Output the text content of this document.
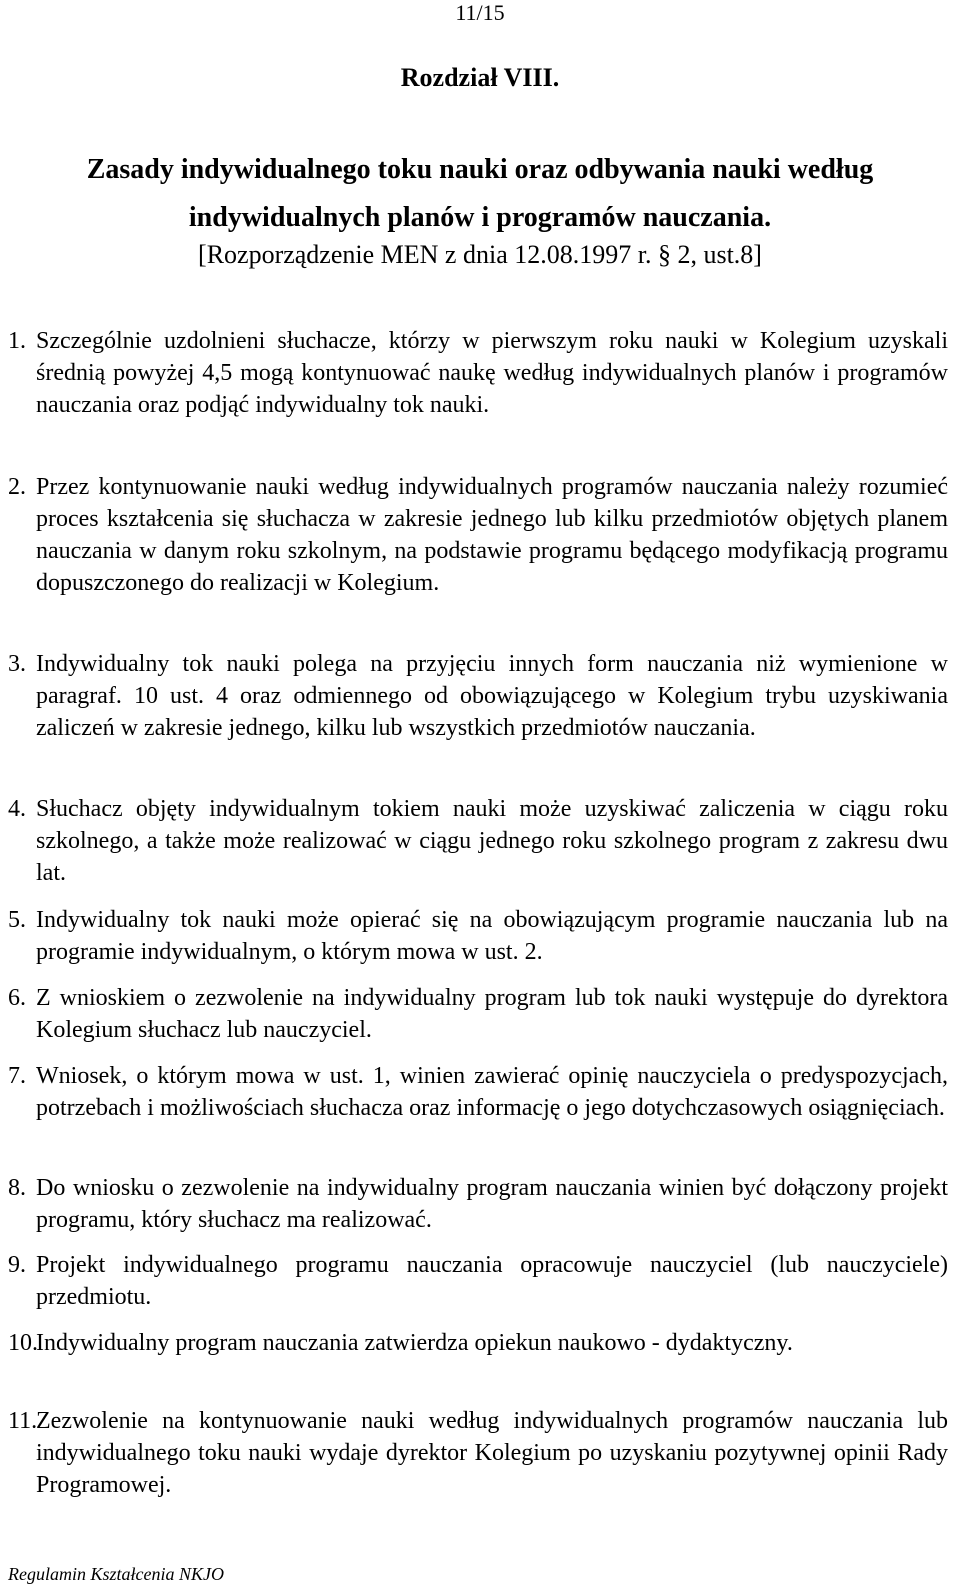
11/15
Rozdział VIII.
Zasady indywidualnego toku nauki oraz odbywania nauki według indywidualnych planów i programów nauczania.
[Rozporządzenie MEN z dnia 12.08.1997 r. § 2, ust.8]
1. Szczególnie uzdolnieni słuchacze, którzy w pierwszym roku nauki w Kolegium uzyskali średnią powyżej 4,5 mogą kontynuować naukę według indywidualnych planów i programów nauczania oraz podjąć indywidualny tok nauki.
2. Przez kontynuowanie nauki według indywidualnych programów nauczania należy rozumieć proces kształcenia się słuchacza w zakresie jednego lub kilku przedmiotów objętych planem nauczania w danym roku szkolnym, na podstawie programu będącego modyfikacją programu dopuszczonego do realizacji w Kolegium.
3. Indywidualny tok nauki polega na przyjęciu innych form nauczania niż wymienione w paragraf. 10 ust. 4 oraz odmiennego od obowiązującego w Kolegium trybu uzyskiwania zaliczeń w zakresie jednego, kilku lub wszystkich przedmiotów nauczania.
4. Słuchacz objęty indywidualnym tokiem nauki może uzyskiwać zaliczenia w ciągu roku szkolnego, a także może realizować w ciągu jednego roku szkolnego program z zakresu dwu lat.
5. Indywidualny tok nauki może opierać się na obowiązującym programie nauczania lub na programie indywidualnym, o którym mowa w ust. 2.
6. Z wnioskiem o zezwolenie na indywidualny program lub tok nauki występuje do dyrektora Kolegium słuchacz lub nauczyciel.
7. Wniosek, o którym mowa w ust. 1, winien zawierać opinię nauczyciela o predyspozycjach, potrzebach i możliwościach słuchacza oraz informację o jego dotychczasowych osiągnięciach.
8. Do wniosku o zezwolenie na indywidualny program nauczania winien być dołączony projekt programu, który słuchacz ma realizować.
9. Projekt indywidualnego programu nauczania opracowuje nauczyciel (lub nauczyciele) przedmiotu.
10.
Indywidualny program nauczania zatwierdza opiekun naukowo - dydaktyczny.
11.
Zezwolenie na kontynuowanie nauki według indywidualnych programów nauczania lub indywidualnego toku nauki wydaje dyrektor Kolegium po uzyskaniu pozytywnej opinii Rady Programowej.
Regulamin Kształcenia NKJO
